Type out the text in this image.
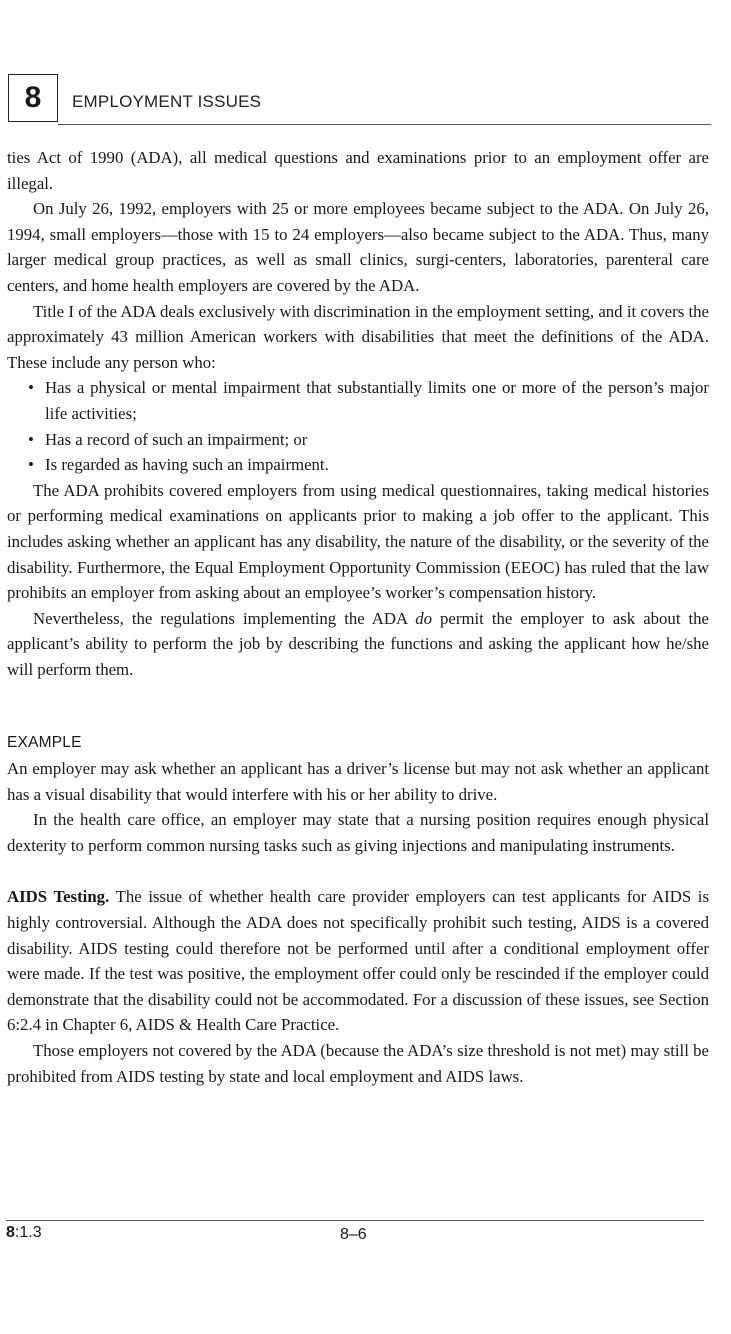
8 EMPLOYMENT ISSUES

ties Act of 1990 (ADA), all medical questions and examinations prior to an employment offer are illegal.

On July 26, 1992, employers with 25 or more employees became subject to the ADA. On July 26, 1994, small employers—those with 15 to 24 employers—also became subject to the ADA. Thus, many larger medical group practices, as well as small clinics, surgi-centers, laboratories, parenteral care centers, and home health employers are covered by the ADA.

Title I of the ADA deals exclusively with discrimination in the employment setting, and it covers the approximately 43 million American workers with disabilities that meet the definitions of the ADA. These include any person who:

• Has a physical or mental impairment that substantially limits one or more of the person’s major life activities;
• Has a record of such an impairment; or
• Is regarded as having such an impairment.

The ADA prohibits covered employers from using medical questionnaires, taking medical histories or performing medical examinations on applicants prior to making a job offer to the applicant. This includes asking whether an applicant has any disability, the nature of the disability, or the severity of the disability. Furthermore, the Equal Employment Opportunity Commission (EEOC) has ruled that the law prohibits an employer from asking about an employee’s worker’s compensation history.

Nevertheless, the regulations implementing the ADA do permit the employer to ask about the applicant’s ability to perform the job by describing the functions and asking the applicant how he/she will perform them.

EXAMPLE

An employer may ask whether an applicant has a driver’s license but may not ask whether an applicant has a visual disability that would interfere with his or her ability to drive.

In the health care office, an employer may state that a nursing position requires enough physical dexterity to perform common nursing tasks such as giving injections and manipulating instruments.

AIDS Testing. The issue of whether health care provider employers can test applicants for AIDS is highly controversial. Although the ADA does not specifically prohibit such testing, AIDS is a covered disability. AIDS testing could therefore not be performed until after a conditional employment offer were made. If the test was positive, the employment offer could only be rescinded if the employer could demonstrate that the disability could not be accommodated. For a discussion of these issues, see Section 6:2.4 in Chapter 6, AIDS & Health Care Practice.

Those employers not covered by the ADA (because the ADA’s size threshold is not met) may still be prohibited from AIDS testing by state and local employment and AIDS laws.

8:1.3	8–6
